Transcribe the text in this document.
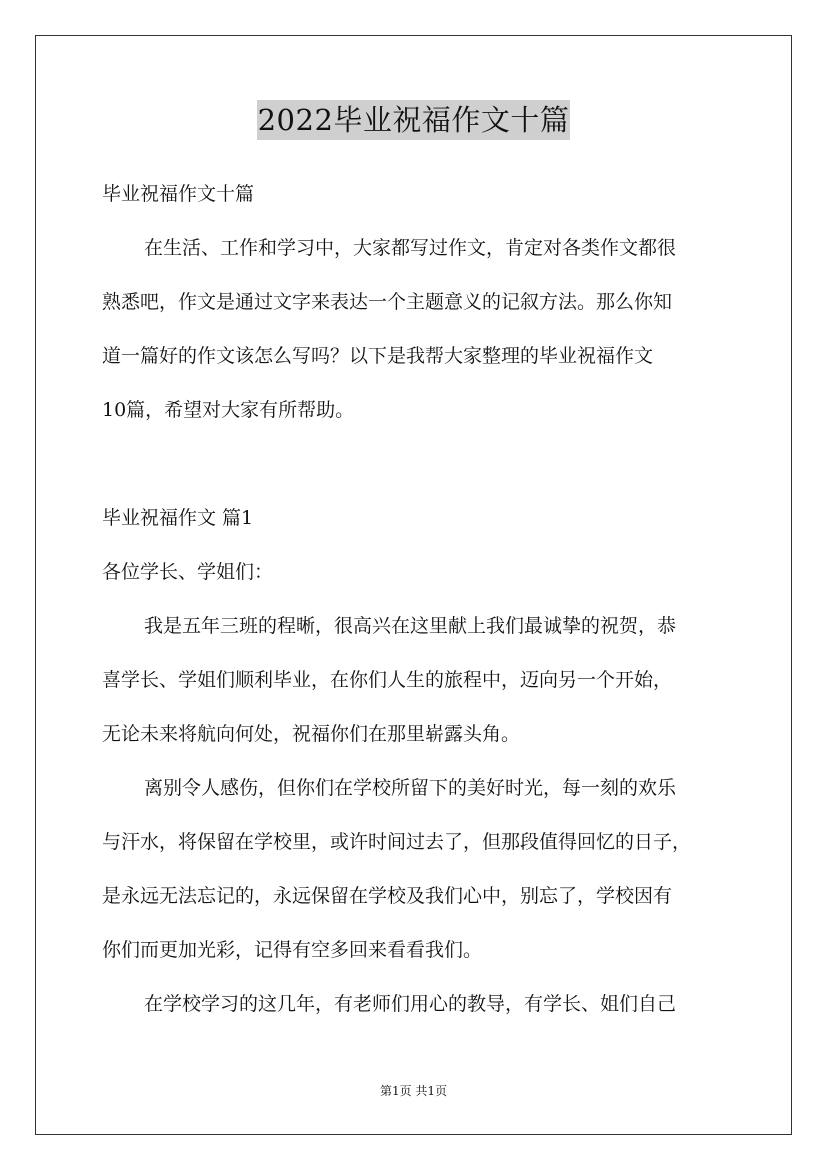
2022毕业祝福作文十篇
毕业祝福作文十篇
在生活、工作和学习中，大家都写过作文，肯定对各类作文都很
熟悉吧，作文是通过文字来表达一个主题意义的记叙方法。那么你知
道一篇好的作文该怎么写吗？以下是我帮大家整理的毕业祝福作文
10篇，希望对大家有所帮助。
毕业祝福作文 篇1
各位学长、学姐们：
我是五年三班的程晰，很高兴在这里献上我们最诚挚的祝贺，恭
喜学长、学姐们顺利毕业，在你们人生的旅程中，迈向另一个开始，
无论未来将航向何处，祝福你们在那里崭露头角。
离别令人感伤，但你们在学校所留下的美好时光，每一刻的欢乐
与汗水，将保留在学校里，或许时间过去了，但那段值得回忆的日子，
是永远无法忘记的，永远保留在学校及我们心中，别忘了，学校因有
你们而更加光彩，记得有空多回来看看我们。
在学校学习的这几年，有老师们用心的教导，有学长、姐们自己
第1页 共1页
